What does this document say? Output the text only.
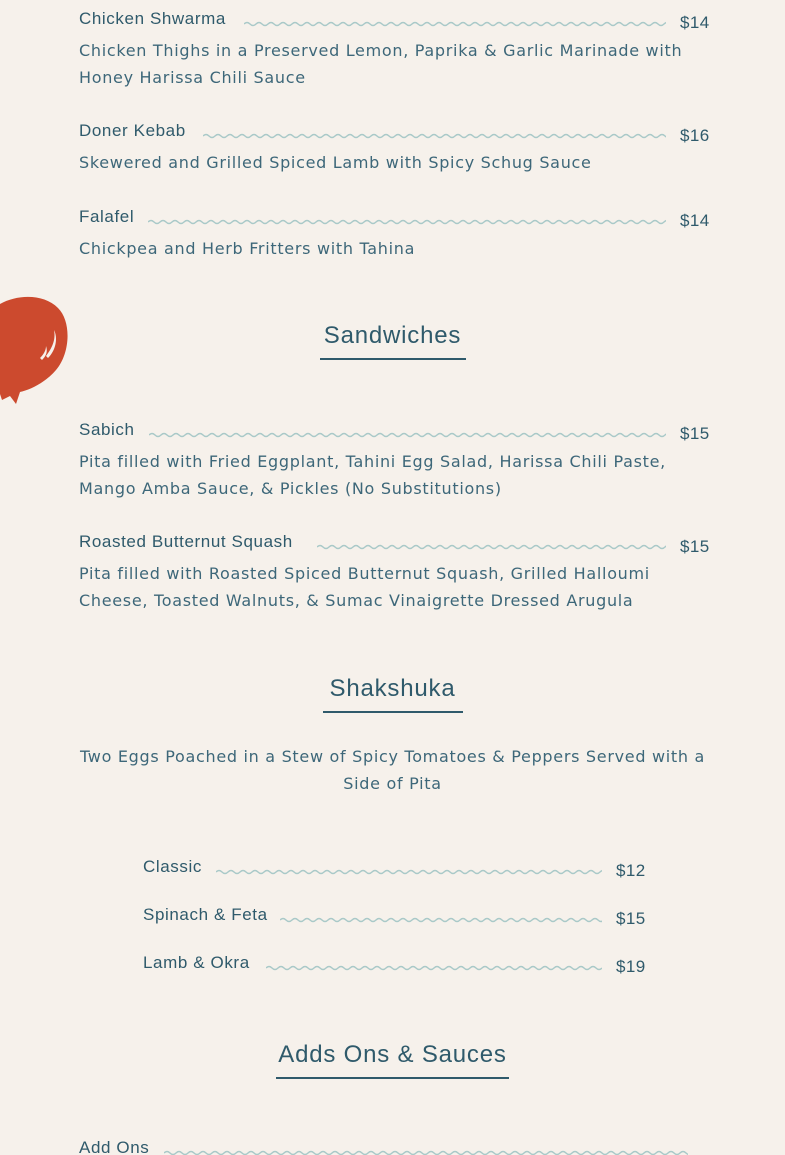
Chicken Shwarma	$14
Chicken Thighs in a Preserved Lemon, Paprika & Garlic Marinade with Honey Harissa Chili Sauce
Doner Kebab	$16
Skewered and Grilled Spiced Lamb with Spicy Schug Sauce
Falafel	$14
Chickpea and Herb Fritters with Tahina
Sandwiches
Sabich	$15
Pita filled with Fried Eggplant, Tahini Egg Salad, Harissa Chili Paste, Mango Amba Sauce, & Pickles (No Substitutions)
Roasted Butternut Squash	$15
Pita filled with Roasted Spiced Butternut Squash, Grilled Halloumi Cheese, Toasted Walnuts, & Sumac Vinaigrette Dressed Arugula
Shakshuka
Two Eggs Poached in a Stew of Spicy Tomatoes & Peppers Served with a Side of Pita
Classic	$12
Spinach & Feta	$15
Lamb & Okra	$19
Adds Ons & Sauces
Add Ons
